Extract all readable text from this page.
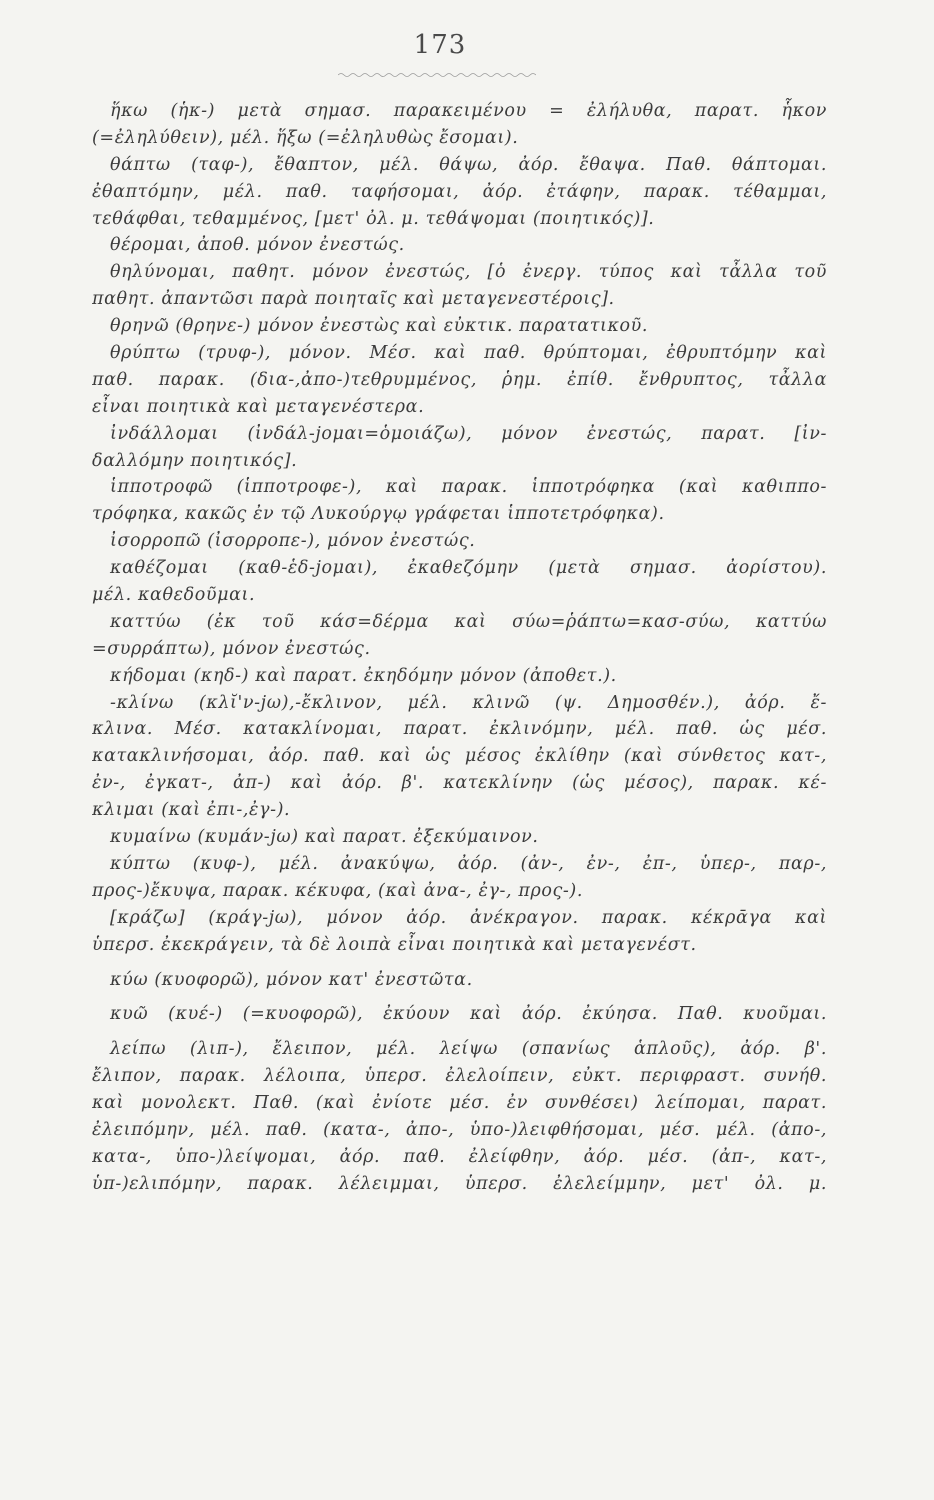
173
ἥκω (ἡκ-) μετὰ σημασ. παρακειμένου = ἐλήλυθα, παρατ. ἧκον
(=ἐληλύθειν), μέλ. ἥξω (=ἐληλυθὼς ἔσομαι).
θάπτω (ταφ-), ἔθαπτον, μέλ. θάψω, ἀόρ. ἔθαψα. Παθ. θάπτομαι.
ἐθαπτόμην, μέλ. παθ. ταφήσομαι, ἀόρ. ἐτάφην, παρακ. τέθαμμαι,
τεθάφθαι, τεθαμμένος, [μετ' ὀλ. μ. τεθάψομαι (ποιητικός)].
θέρομαι, ἀποθ. μόνον ἐνεστώς.
θηλύνομαι, παθητ. μόνον ἐνεστώς, [ὁ ἐνεργ. τύπος καὶ τἆλλα τοῦ
παθητ. ἀπαντῶσι παρὰ ποιηταῖς καὶ μεταγενεστέροις].
θρηνῶ (θρηνε-) μόνον ἐνεστὼς καὶ εὐκτικ. παρατατικοῦ.
θρύπτω (τρυφ-), μόνον. Μέσ. καὶ παθ. θρύπτομαι, ἐθρυπτόμην καὶ
παθ. παρακ. (δια-,ἀπο-)τεθρυμμένος, ῥημ. ἐπίθ. ἔνθρυπτος, τἆλλα
εἶναι ποιητικὰ καὶ μεταγενέστερα.
ἰνδάλλομαι (ἰνδάλ-jομαι=ὁμοιάζω), μόνον ἐνεστώς, παρατ. [ἰν-
δαλλόμην ποιητικός].
ἱπποτροφῶ (ἱπποτροφε-), καὶ παρακ. ἱπποτρόφηκα (καὶ καθιππο-
τρόφηκα, κακῶς ἐν τῷ Λυκούργῳ γράφεται ἱπποτετρόφηκα).
ἰσορροπῶ (ἰσορροπε-), μόνον ἐνεστώς.
καθέζομαι (καθ-ἑδ-jομαι), ἐκαθεζόμην (μετὰ σημασ. ἀορίστου).
μέλ. καθεδοῦμαι.
καττύω (ἐκ τοῦ κάσ=δέρμα καὶ σύω=ῥάπτω=κασ-σύω, καττύω
=συρράπτω), μόνον ἐνεστώς.
κήδομαι (κηδ-) καὶ παρατ. ἐκηδόμην μόνον (ἀποθετ.).
-κλίνω (κλῐ'ν-jω),-ἔκλινον, μέλ. κλινῶ (ψ. Δημοσθέν.), ἀόρ. ἔ-
κλινα. Μέσ. κατακλίνομαι, παρατ. ἐκλινόμην, μέλ. παθ. ὡς μέσ.
κατακλινήσομαι, ἀόρ. παθ. καὶ ὡς μέσος ἐκλίθην (καὶ σύνθετος κατ-,
ἐν-, ἐγκατ-, ἀπ-) καὶ ἀόρ. β'. κατεκλίνην (ὡς μέσος), παρακ. κέ-
κλιμαι (καὶ ἐπι-,ἐγ-).
κυμαίνω (κυμάν-jω) καὶ παρατ. ἐξεκύμαινον.
κύπτω (κυφ-), μέλ. ἀνακύψω, ἀόρ. (ἀν-, ἐν-, ἐπ-, ὑπερ-, παρ-,
προς-)ἔκυψα, παρακ. κέκυφα, (καὶ ἀνα-, ἐγ-, προς-).
[κράζω] (κράγ-jω), μόνον ἀόρ. ἀνέκραγον. παρακ. κέκρᾱγα καὶ
ὑπερσ. ἐκεκράγειν, τὰ δὲ λοιπὰ εἶναι ποιητικὰ καὶ μεταγενέστ.
κύω (κυοφορῶ), μόνον κατ' ἐνεστῶτα.
κυῶ (κυέ-) (=κυοφορῶ), ἐκύουν καὶ ἀόρ. ἐκύησα. Παθ. κυοῦμαι.
λείπω (λιπ-), ἔλειπον, μέλ. λείψω (σπανίως ἁπλοῦς), ἀόρ. β'.
ἔλιπον, παρακ. λέλοιπα, ὑπερσ. ἐλελοίπειν, εὐκτ. περιφραστ. συνήθ.
καὶ μονολεκτ. Παθ. (καὶ ἐνίοτε μέσ. ἐν συνθέσει) λείπομαι, παρατ.
ἐλειπόμην, μέλ. παθ. (κατα-, ἀπο-, ὑπο-)λειφθήσομαι, μέσ. μέλ. (ἀπο-,
κατα-, ὑπο-)λείψομαι, ἀόρ. παθ. ἐλείφθην, ἀόρ. μέσ. (ἀπ-, κατ-,
ὑπ-)ελιπόμην, παρακ. λέλειμμαι, ὑπερσ. ἐλελείμμην, μετ' ὀλ. μ.
